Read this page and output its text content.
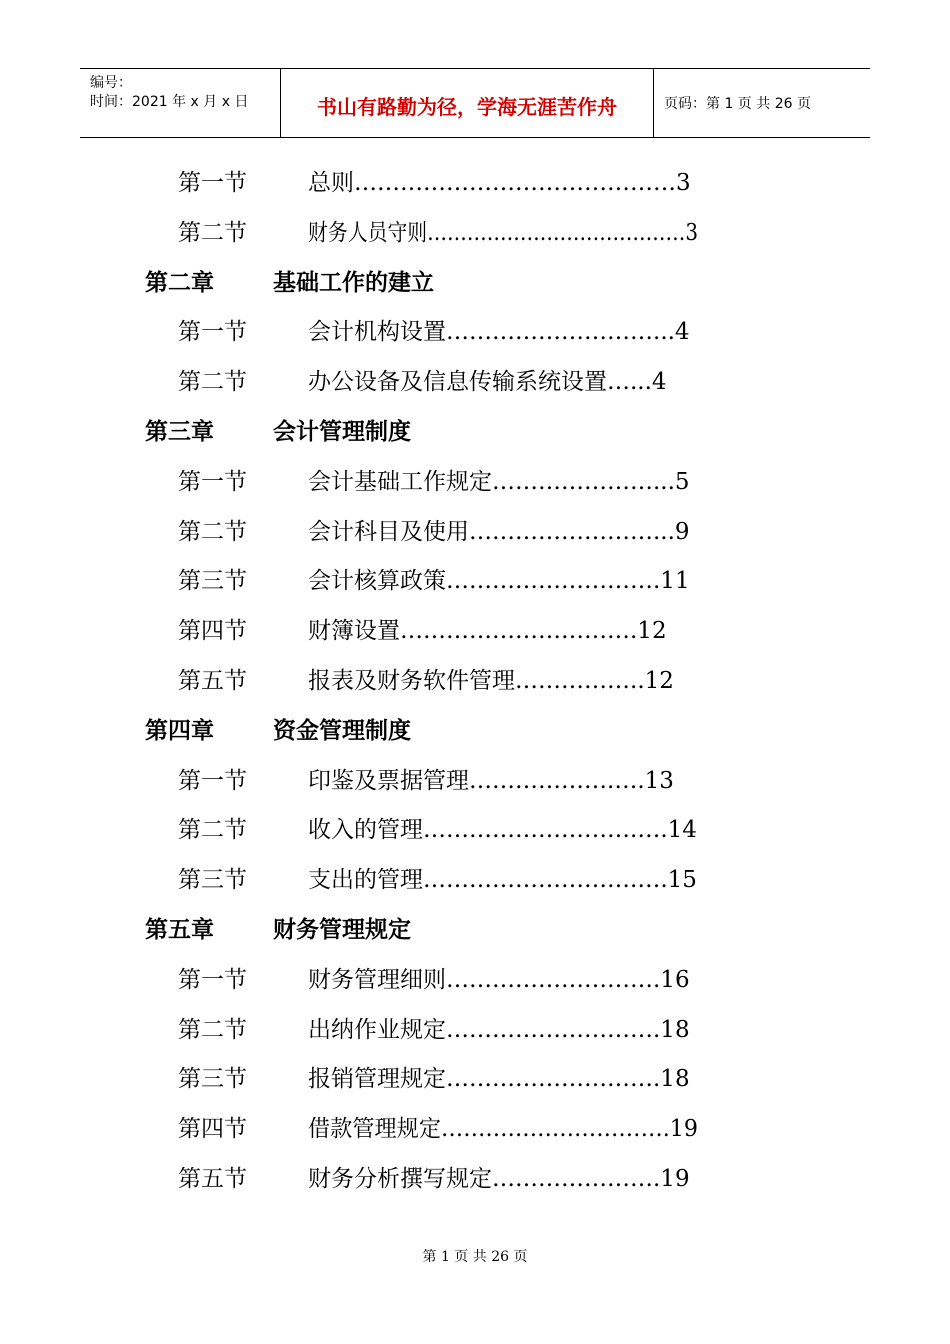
编号：
时间：2021 年 x 月 x 日	书山有路勤为径，学海无涯苦作舟	页码：第 1 页 共 26 页
第一节	总则……………………………………3
第二节	财务人员守则…………………………………3
第二章	基础工作的建立
第一节	会计机构设置………………………...4
第二节	办公设备及信息传输系统设置…...4
第三章	会计管理制度
第一节	会计基础工作规定…………………...5
第二节	会计科目及使用……………………...9
第三节	会计核算政策……………………….11
第四节	财簿设置………………………….12
第五节	报表及财务软件管理……………..12
第四章	资金管理制度
第一节	印鉴及票据管理……………….….13
第二节	收入的管理……………………….….14
第三节	支出的管理……………………….….15
第五章	财务管理规定
第一节	财务管理细则……………………….16
第二节	出纳作业规定……………………….18
第三节	报销管理规定……………………….18
第四节	借款管理规定………………………….19
第五节	财务分析撰写规定………………….19
第 1 页 共 26 页
